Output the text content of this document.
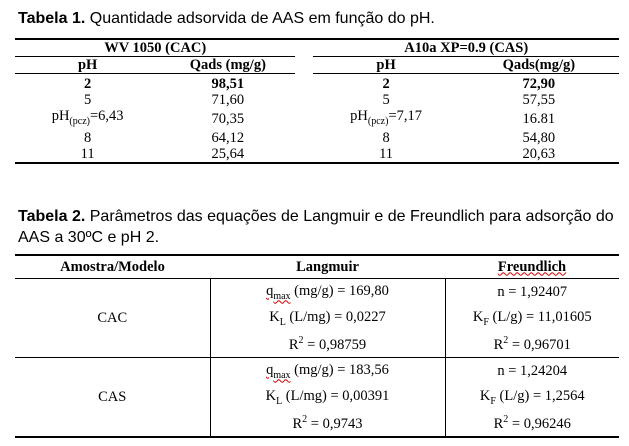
Tabela 1. Quantidade adsorvida de AAS em função do pH.
WV 1050 (CAC)			A10a XP=0.9 (CAS)	
pH	Qads (mg/g)		pH	Qads(mg/g)
2	98,51		2	72,90
5	71,60		5	57,55
$pH_{(pcz)}=6,43$	70,35		$pH_{(pcz)}=7,17$	16.81
8	64,12		8	54,80
11	25,64		11	20,63
Tabela 2. Parâmetros das equações de Langmuir e de Freundlich para adsorção do AAS a 30ºC e pH 2.
Amostra/Modelo	Langmuir	Freundlich
CAC	$q_{max}$ (mg/g) = 169,80	n = 1,92407
	$K_L$ (L/mg) = 0,0227	$K_F$ (L/g) = 11,01605
	$R^2 = 0,98759$	$R^2 = 0,96701$
CAS	$q_{max}$ (mg/g) = 183,56	n = 1,24204
	$K_L$ (L/mg) = 0,00391	$K_F$ (L/g) = 1,2564
	$R^2 = 0,9743$	$R^2 = 0,96246$
